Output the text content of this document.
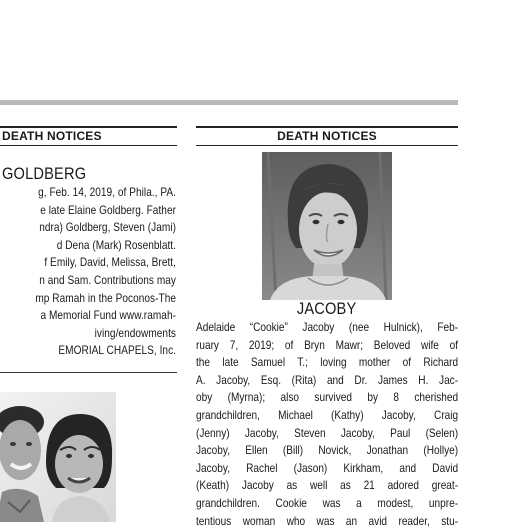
DEATH NOTICES
GOLDBERG
g, Feb. 14, 2019, of Phila., PA.
e late Elaine Goldberg. Father
ndra) Goldberg, Steven (Jami)
d Dena (Mark) Rosenblatt.
f Emily, David, Melissa, Brett,
n and Sam. Contributions may
mp Ramah in the Poconos-The
a Memorial Fund www.ramah-
iving/endowments
EMORIAL CHAPELS, Inc.
DEATH NOTICES
JACOBY
Adelaide “Cookie” Jacoby (nee Hulnick), Feb-
ruary 7, 2019; of Bryn Mawr; Beloved wife of
the late Samuel T.; loving mother of Richard
A. Jacoby, Esq. (Rita) and Dr. James H. Jac-
oby (Myrna); also survived by 8 cherished
grandchildren, Michael (Kathy) Jacoby, Craig
(Jenny) Jacoby, Steven Jacoby, Paul (Selen)
Jacoby, Ellen (Bill) Novick, Jonathan (Hollye)
Jacoby, Rachel (Jason) Kirkham, and David
(Keath) Jacoby as well as 21 adored great-
grandchildren. Cookie was a modest, unpre-
tentious woman who was an avid reader, stu-
